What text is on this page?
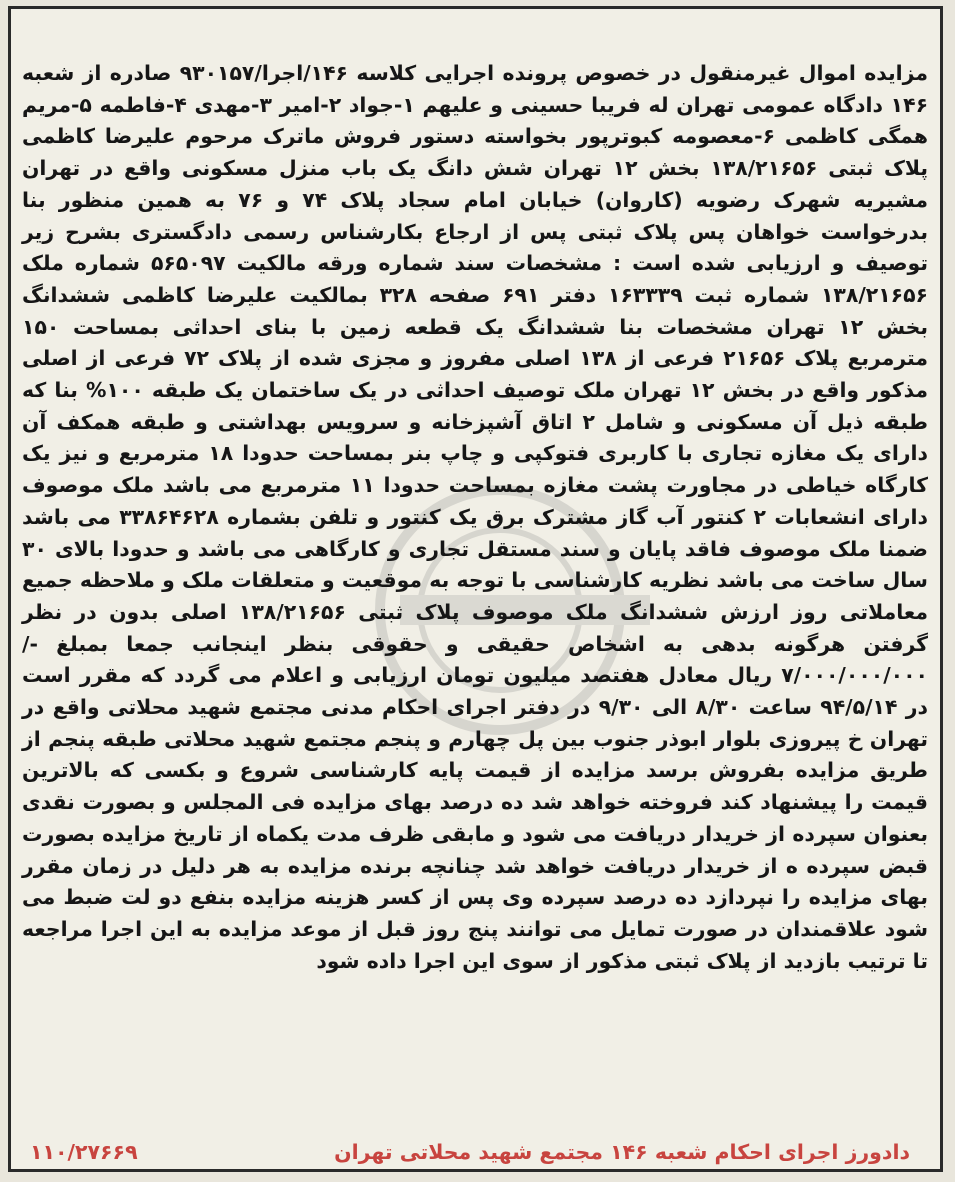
مزایده اموال غیرمنقول در خصوص پرونده اجرایی کلاسه ۱۴۶/اجرا/۹۳۰۱۵۷ صادره از شعبه ۱۴۶ دادگاه عمومی تهران له فریبا حسینی و علیهم ۱-جواد ۲-امیر ۳-مهدی ۴-فاطمه ۵-مریم همگی کاظمی ۶-معصومه کبوترپور بخواسته دستور فروش ماترک مرحوم علیرضا کاظمی پلاک ثبتی ۱۳۸/۲۱۶۵۶ بخش ۱۲ تهران شش دانگ یک باب منزل مسکونی واقع در تهران مشیریه شهرک رضویه (کاروان) خیابان امام سجاد پلاک ۷۴ و ۷۶ به همین منظور بنا بدرخواست خواهان پس پلاک ثبتی پس از ارجاع بکارشناس رسمی دادگستری بشرح زیر توصیف و ارزیابی شده است : مشخصات سند شماره ورقه مالکیت ۵۶۵۰۹۷ شماره ملک ۱۳۸/۲۱۶۵۶ شماره ثبت ۱۶۳۳۳۹ دفتر ۶۹۱ صفحه ۳۲۸ بمالکیت علیرضا کاظمی ششدانگ بخش ۱۲ تهران مشخصات بنا ششدانگ یک قطعه زمین با بنای احداثی بمساحت ۱۵۰ مترمربع پلاک ۲۱۶۵۶ فرعی از ۱۳۸ اصلی مفروز و مجزی شده از پلاک ۷۲ فرعی از اصلی مذکور واقع در بخش ۱۲ تهران ملک توصیف احداثی در یک ساختمان یک طبقه ۱۰۰% بنا که طبقه ذیل آن مسکونی و شامل ۲ اتاق آشپزخانه و سرویس بهداشتی و طبقه همکف آن دارای یک مغازه تجاری با کاربری فتوکپی و چاپ بنر بمساحت حدودا ۱۸ مترمربع و نیز یک کارگاه خیاطی در مجاورت پشت مغازه بمساحت حدودا ۱۱ مترمربع می باشد ملک موصوف دارای انشعابات ۲ کنتور آب گاز مشترک برق یک کنتور و تلفن بشماره ۳۳۸۶۴۶۲۸ می باشد ضمنا ملک موصوف فاقد پایان و سند مستقل تجاری و کارگاهی می باشد و حدودا بالای ۳۰ سال ساخت می باشد نظریه کارشناسی با توجه به موقعیت و متعلقات ملک و ملاحظه جمیع معاملاتی روز ارزش ششدانگ ملک موصوف پلاک ثبتی ۱۳۸/۲۱۶۵۶ اصلی بدون در نظر گرفتن هرگونه بدهی به اشخاص حقیقی و حقوقی بنظر اینجانب جمعا بمبلغ -/۷/۰۰۰/۰۰۰/۰۰۰ ریال معادل هفتصد میلیون تومان ارزیابی و اعلام می گردد که مقرر است در ۹۴/۵/۱۴ ساعت ۸/۳۰ الی ۹/۳۰ در دفتر اجرای احکام مدنی مجتمع شهید محلاتی واقع در تهران خ پیروزی بلوار ابوذر جنوب بین پل چهارم و پنجم مجتمع شهید محلاتی طبقه پنجم از طریق مزایده بفروش برسد مزایده از قیمت پایه کارشناسی شروع و بکسی که بالاترین قیمت را پیشنهاد کند فروخته خواهد شد ده درصد بهای مزایده فی المجلس و بصورت نقدی بعنوان سپرده از خریدار دریافت می شود و مابقی ظرف مدت یکماه از تاریخ مزایده بصورت قبض سپرده ه از خریدار دریافت خواهد شد چنانچه برنده مزایده به هر دلیل در زمان مقرر بهای مزایده را نپردازد ده درصد سپرده وی پس از کسر هزینه مزایده بنفع دو لت ضبط می شود علاقمندان در صورت تمایل می توانند پنج روز قبل از موعد مزایده به این اجرا مراجعه تا ترتیب بازدید از پلاک ثبتی مذکور از سوی این اجرا داده شود

دادورز اجرای احکام شعبه ۱۴۶ مجتمع شهید محلاتی تهران
۱۱۰/۲۷۶۶۹
